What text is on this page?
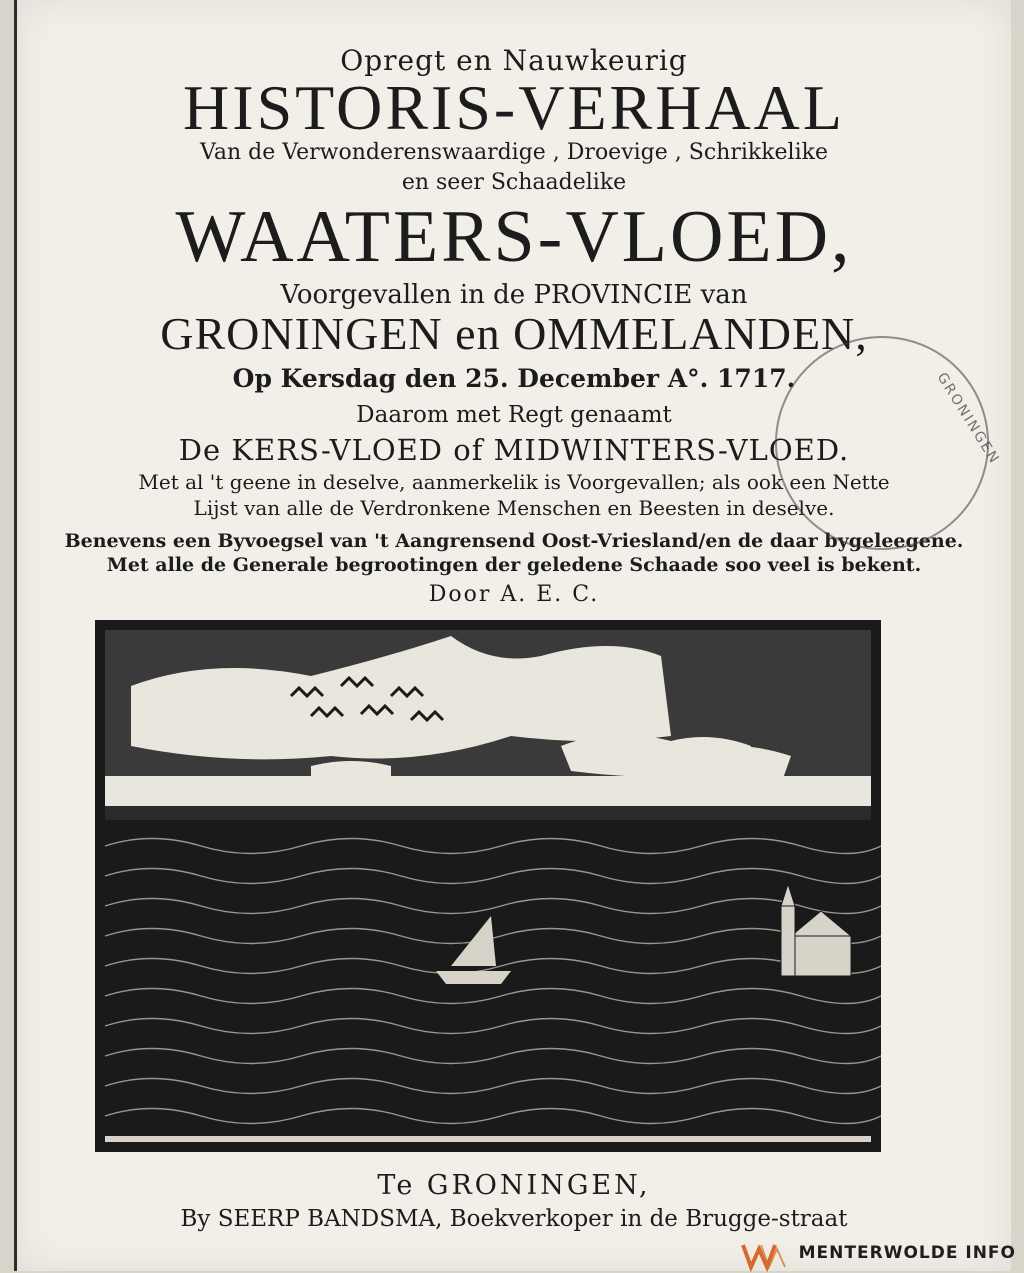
Opregt en Nauwkeurig
HISTORIS-VERHAAL
Van de Verwonderenswaardige , Droevige , Schrikkelike
en seer Schaadelike
WAATERS-VLOED,
Voorgevallen in de PROVINCIE van
GRONINGEN en OMMELANDEN,
Op Kersdag den 25. December A°. 1717.
Daarom met Regt genaamt
De KERS-VLOED of MIDWINTERS-VLOED.
Met al 't geene in deselve, aanmerkelik is Voorgevallen; als ook een Nette
Lijst van alle de Verdronkene Menschen en Beesten in deselve.
Benevens een Byvoegsel van 't Aangrensend Oost-Vriesland/en de daar bygeleegene.
Met alle de Generale begrootingen der geledene Schaade soo veel is bekent.
Door A. E. C.
Te GRONINGEN,
By SEERP BANDSMA, Boekverkoper in de Brugge-straat
GRONINGEN
MENTERWOLDE INFO
